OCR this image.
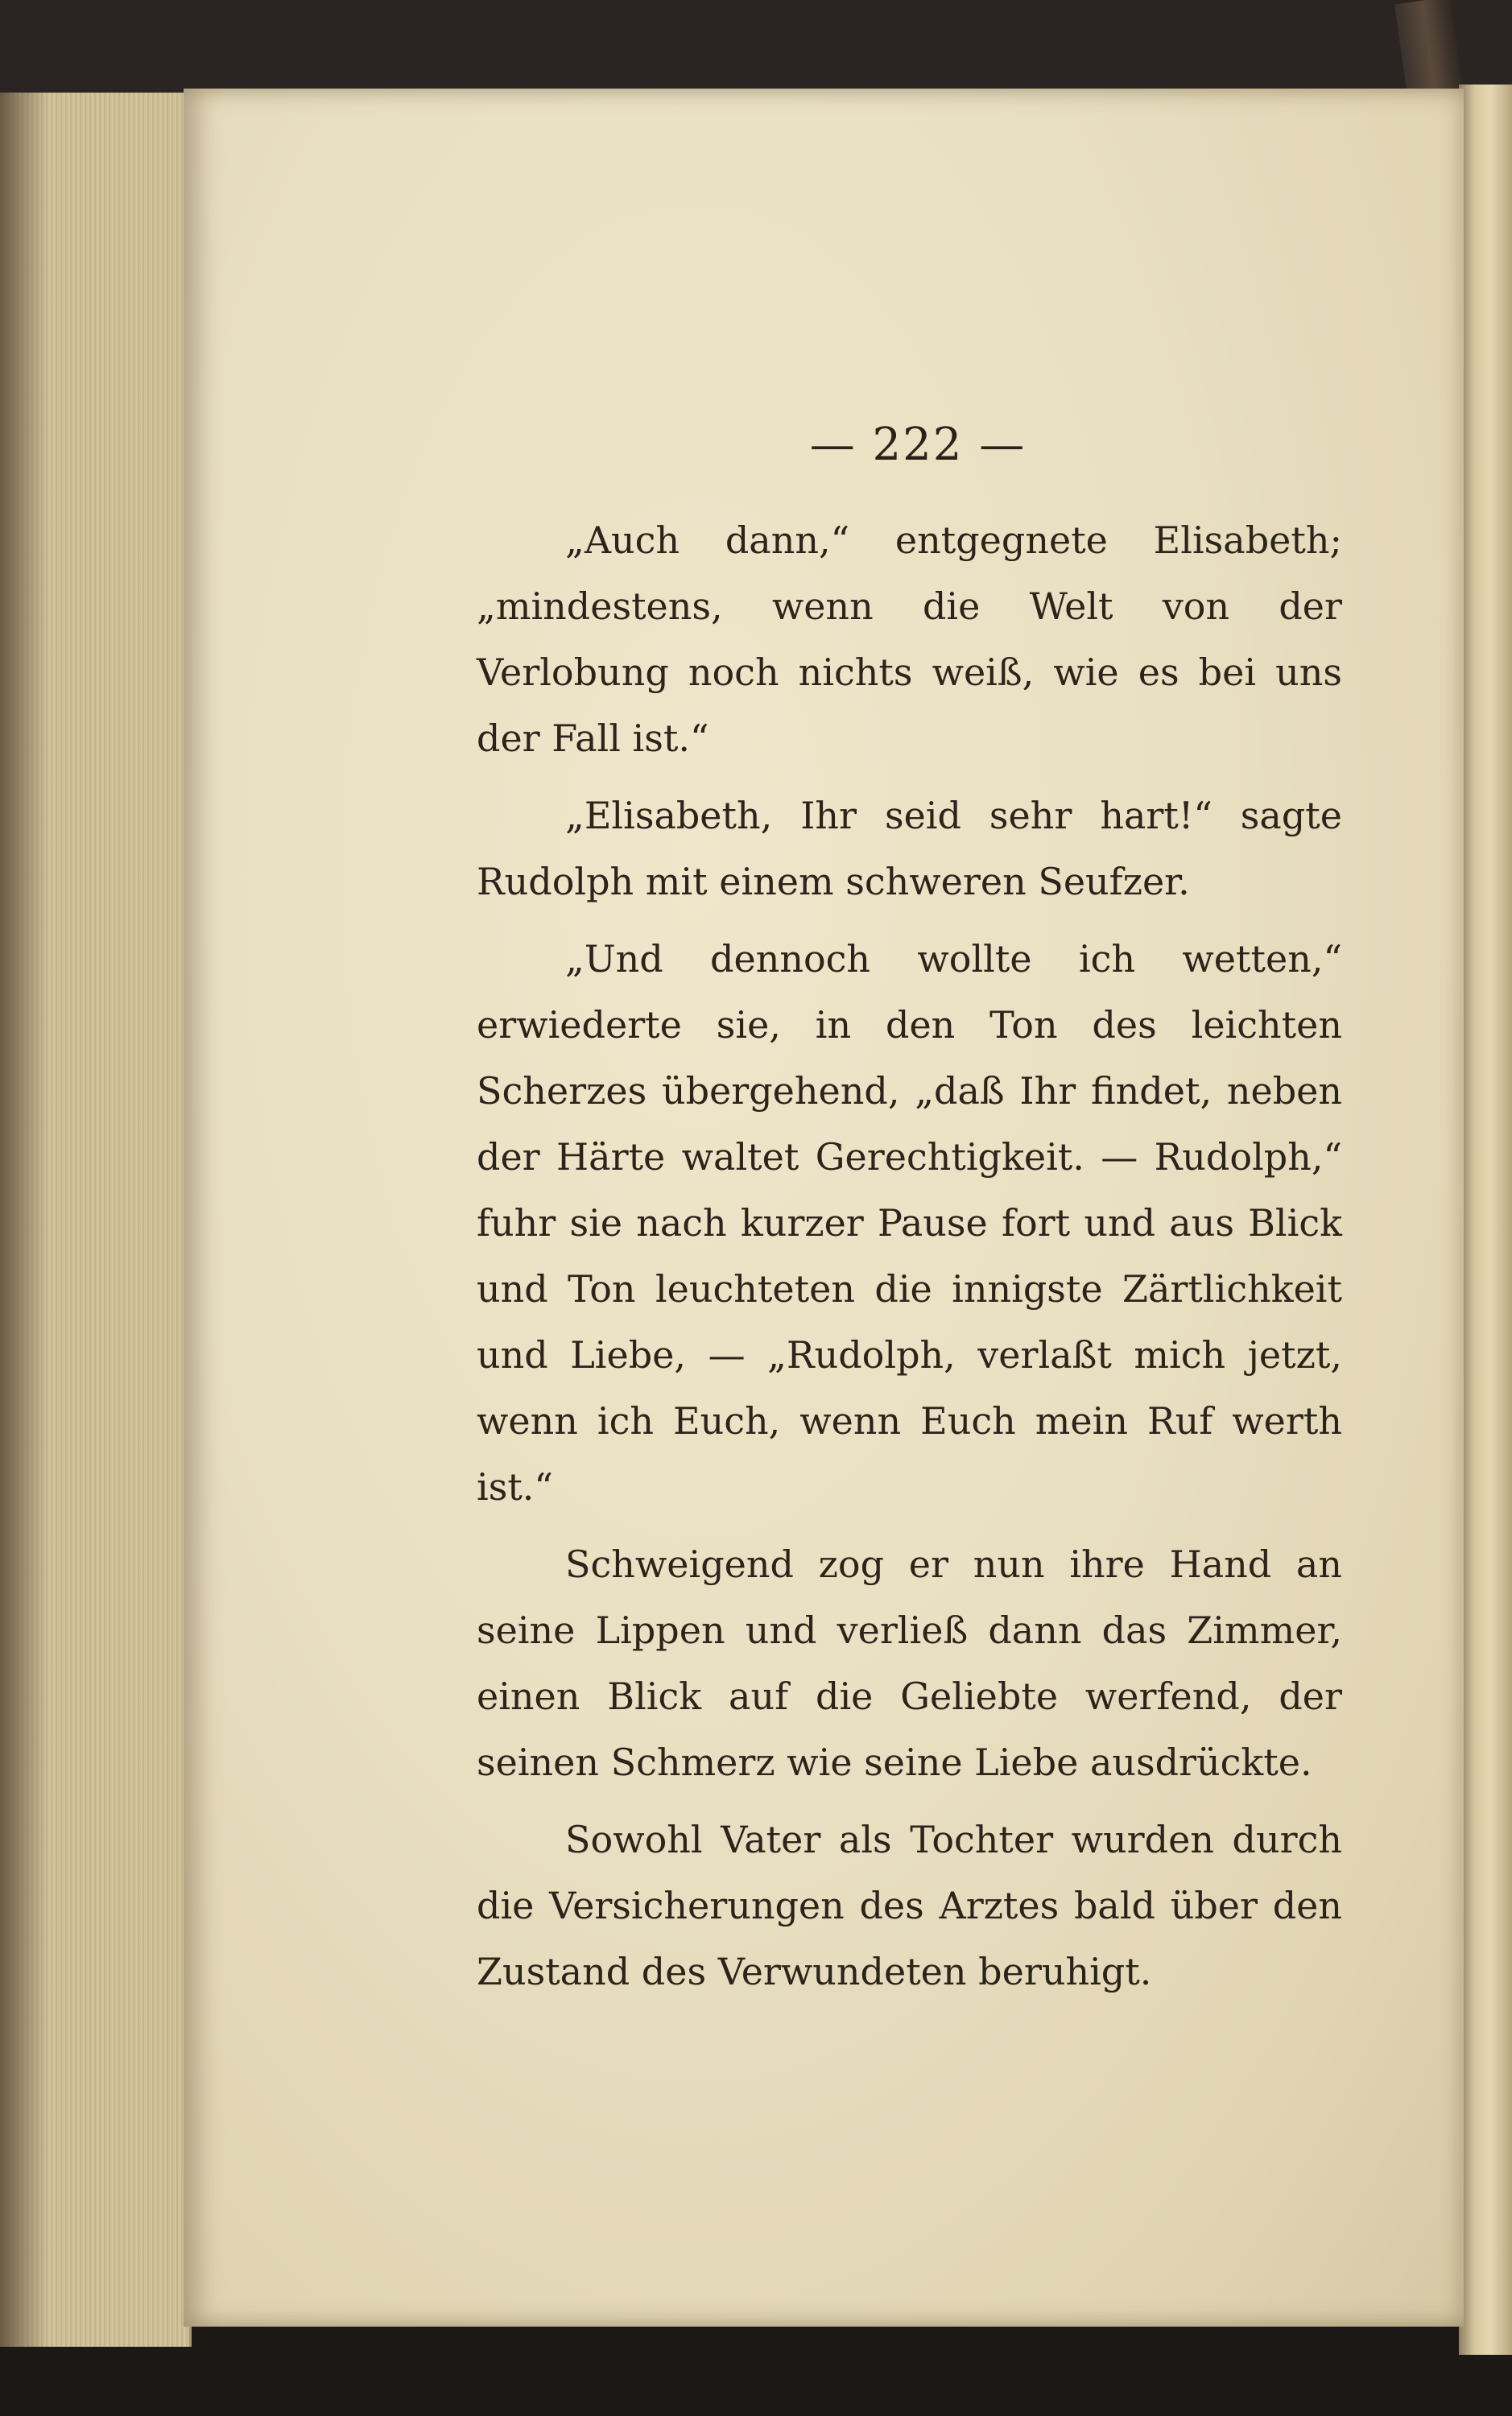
— 222 —

„Auch dann,“ entgegnete Elisabeth; „mindestens, wenn die Welt von der Verlobung noch nichts weiß, wie es bei uns der Fall ist.“

„Elisabeth, Ihr seid sehr hart!“ sagte Rudolph mit einem schweren Seufzer.

„Und dennoch wollte ich wetten,“ erwiederte sie, in den Ton des leichten Scherzes übergehend, „daß Ihr findet, neben der Härte waltet Gerechtigkeit. — Rudolph,“ fuhr sie nach kurzer Pause fort und aus Blick und Ton leuchteten die innigste Zärtlichkeit und Liebe, — „Rudolph, verlaßt mich jetzt, wenn ich Euch, wenn Euch mein Ruf werth ist.“

Schweigend zog er nun ihre Hand an seine Lippen und verließ dann das Zimmer, einen Blick auf die Geliebte werfend, der seinen Schmerz wie seine Liebe ausdrückte.

Sowohl Vater als Tochter wurden durch die Versicherungen des Arztes bald über den Zustand des Verwundeten beruhigt.
